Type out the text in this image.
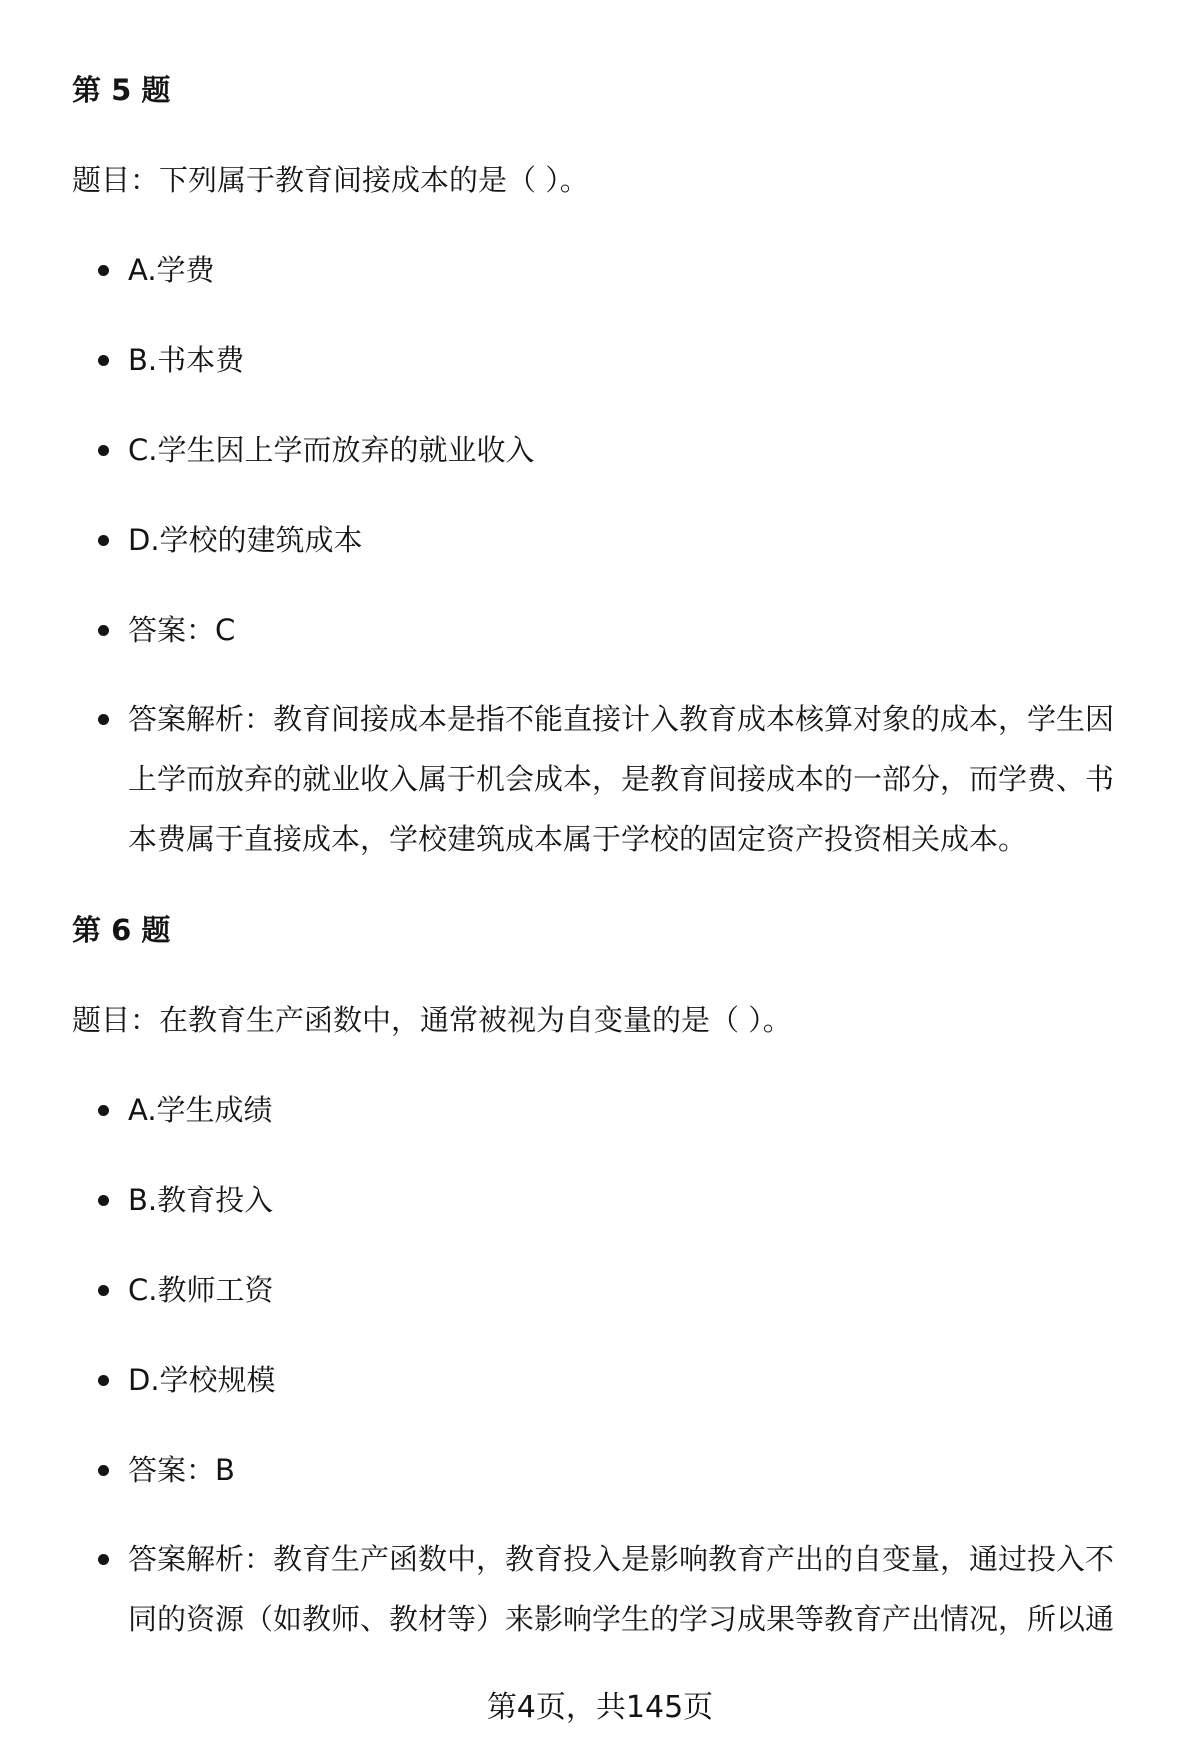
第 5 题
题目：下列属于教育间接成本的是（ ）。
A.学费
B.书本费
C.学生因上学而放弃的就业收入
D.学校的建筑成本
答案：C
答案解析：教育间接成本是指不能直接计入教育成本核算对象的成本，学生因
上学而放弃的就业收入属于机会成本，是教育间接成本的一部分，而学费、书
本费属于直接成本，学校建筑成本属于学校的固定资产投资相关成本。
第 6 题
题目：在教育生产函数中，通常被视为自变量的是（ ）。
A.学生成绩
B.教育投入
C.教师工资
D.学校规模
答案：B
答案解析：教育生产函数中，教育投入是影响教育产出的自变量，通过投入不
同的资源（如教师、教材等）来影响学生的学习成果等教育产出情况，所以通
第4页，共145页
